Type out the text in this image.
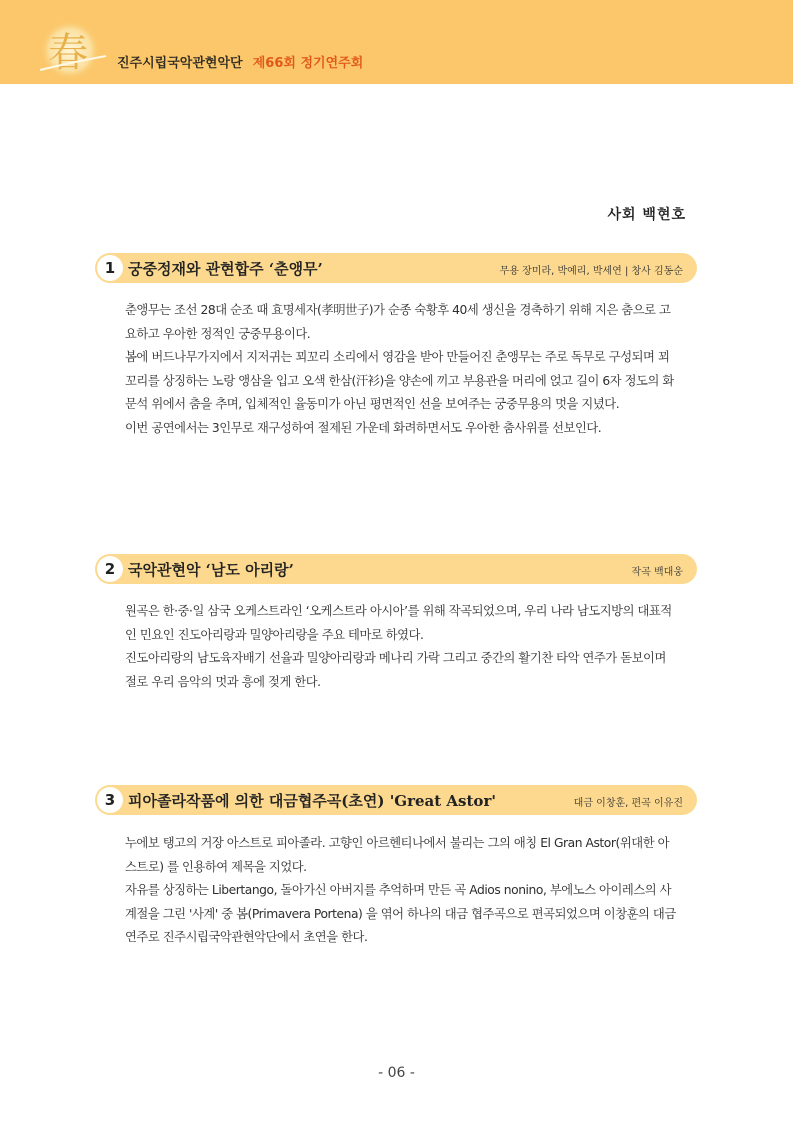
春 진주시립국악관현악단 제66회 정기연주회
사회 백현호
1 궁중정재와 관현합주 ‘춘앵무’	무용 장미라, 박예리, 박세연 | 창사 김동순

춘앵무는 조선 28대 순조 때 효명세자(孝明世子)가 순종 숙황후 40세 생신을 경축하기 위해 지은 춤으로 고요하고 우아한 정적인 궁중무용이다.

봄에 버드나무가지에서 지저귀는 꾀꼬리 소리에서 영감을 받아 만들어진 춘앵무는 주로 독무로 구성되며 꾀꼬리를 상징하는 노랑 앵삼을 입고 오색 한삼(汗衫)을 양손에 끼고 부용관을 머리에 얹고 길이 6자 정도의 화문석 위에서 춤을 추며, 입체적인 율동미가 아닌 평면적인 선을 보여주는 궁중무용의 멋을 지녔다.

이번 공연에서는 3인무로 재구성하여 절제된 가운데 화려하면서도 우아한 춤사위를 선보인다.

2 국악관현악 ‘남도 아리랑’	작곡 백대웅

원곡은 한·중·일 삼국 오케스트라인 ‘오케스트라 아시아’를 위해 작곡되었으며, 우리 나라 남도지방의 대표적인 민요인 진도아리랑과 밀양아리랑을 주요 테마로 하였다.

진도아리랑의 남도육자배기 선율과 밀양아리랑과 메나리 가락 그리고 중간의 활기찬 타악 연주가 돋보이며 절로 우리 음악의 멋과 흥에 젖게 한다.

3 피아졸라작품에 의한 대금협주곡(초연) 'Great Astor'	대금 이창훈, 편곡 이유진

누에보 탱고의 거장 아스트로 피아졸라. 고향인 아르헨티나에서 불리는 그의 애칭 El Gran Astor(위대한 아스트로) 를 인용하여 제목을 지었다.

자유를 상징하는 Libertango, 돌아가신 아버지를 추억하며 만든 곡 Adios nonino, 부에노스 아이레스의 사계절을 그린 '사계' 중 봄(Primavera Portena) 을 엮어 하나의 대금 협주곡으로 편곡되었으며 이창훈의 대금연주로 진주시립국악관현악단에서 초연을 한다.

- 06 -
